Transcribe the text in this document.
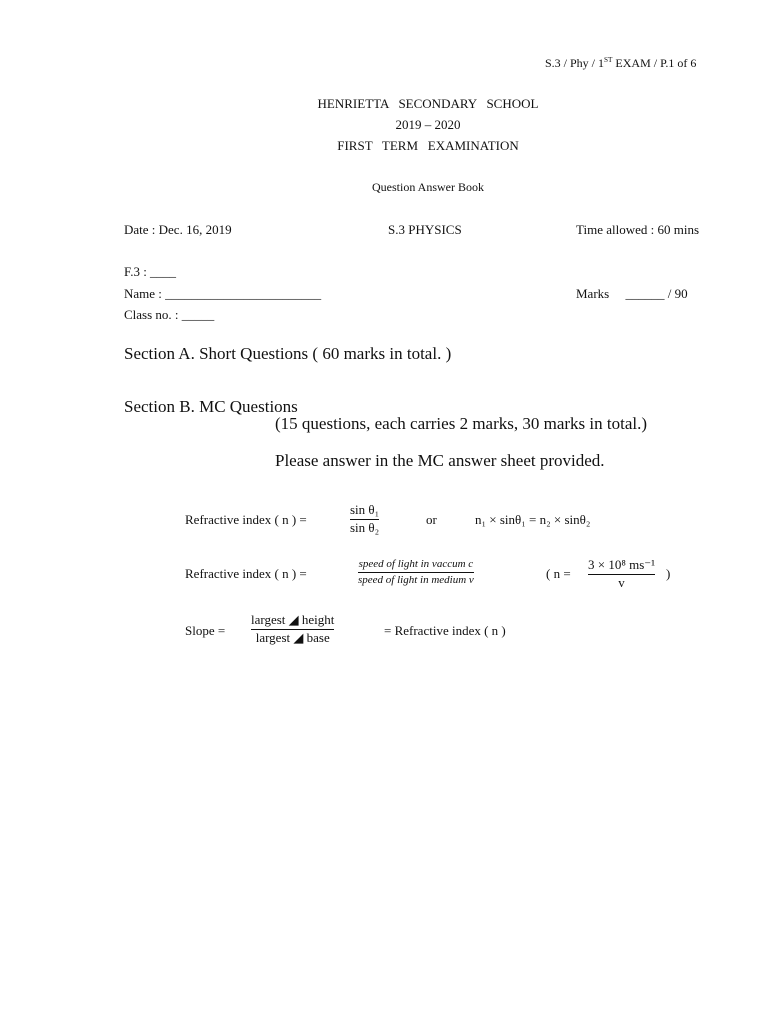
S.3 / Phy / 1ST EXAM / P.1 of 6
HENRIETTA   SECONDARY   SCHOOL
2019 – 2020
FIRST   TERM   EXAMINATION
Question Answer Book
Date : Dec. 16, 2019	S.3 PHYSICS	Time allowed : 60 mins
F.3 : ____
Name : ________________________	Marks     ______ / 90
Class no. : _____
Section A. Short Questions ( 60 marks in total. )
Section B. MC Questions
(15 questions, each carries 2 marks, 30 marks in total.)
Please answer in the MC answer sheet provided.
Refractive index ( n ) =
sin θ₁
sin θ₂
or	n₁ × sinθ₁ = n₂ × sinθ₂
Refractive index ( n ) =
speed of light in vaccum c
speed of light in medium v	( n =
3 × 10⁸ ms⁻¹
v
)
Slope =
largest ◢ height
largest ◢ base	= Refractive index ( n )
